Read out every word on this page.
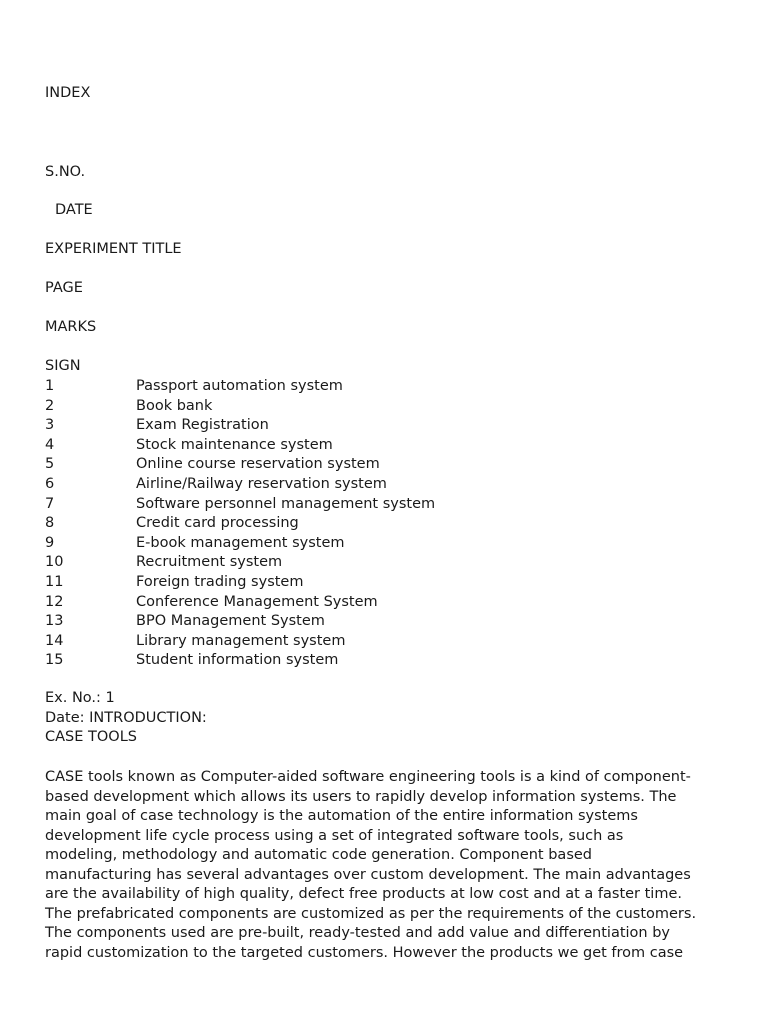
INDEX
S.NO.
DATE
EXPERIMENT TITLE
PAGE
MARKS
SIGN
1	Passport automation system
2	Book bank
3	Exam Registration
4	Stock maintenance system
5	Online course reservation system
6	Airline/Railway reservation system
7	Software personnel management system
8	Credit card processing
9	E-book management system
10	Recruitment system
11	Foreign trading system
12	Conference Management System
13	BPO Management System
14	Library management system
15	Student information system
Ex. No.: 1
Date: INTRODUCTION:
CASE TOOLS
CASE tools known as Computer-aided software engineering tools is a kind of component-
based development which allows its users to rapidly develop information systems. The
main goal of case technology is the automation of the entire information systems
development life cycle process using a set of integrated software tools, such as
modeling, methodology and automatic code generation. Component based
manufacturing has several advantages over custom development. The main advantages
are the availability of high quality, defect free products at low cost and at a faster time.
The prefabricated components are customized as per the requirements of the customers.
The components used are pre-built, ready-tested and add value and differentiation by
rapid customization to the targeted customers. However the products we get from case
